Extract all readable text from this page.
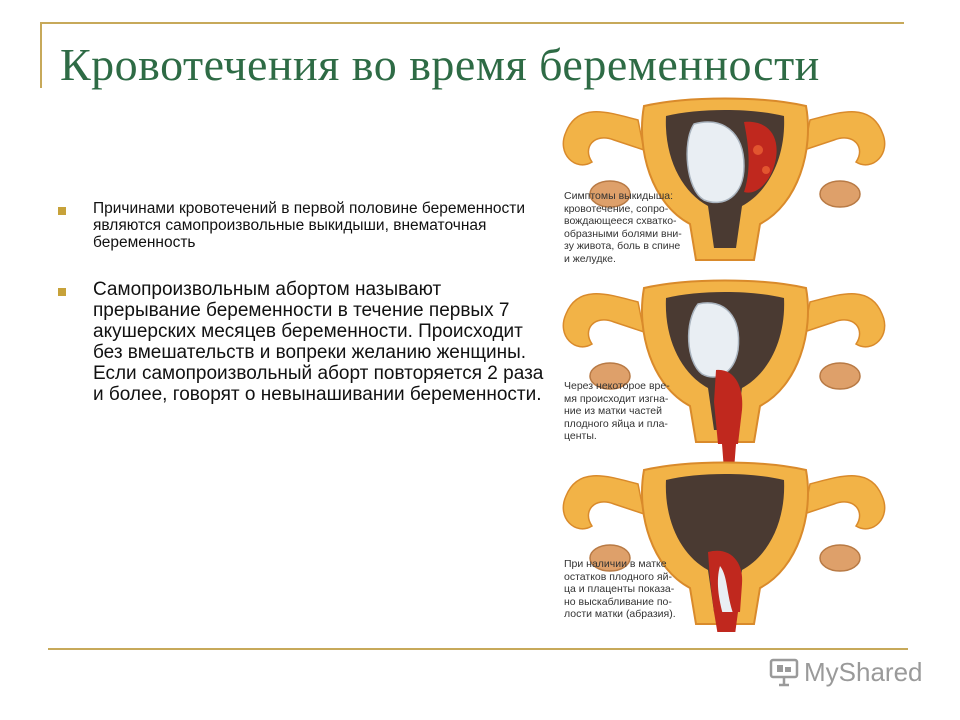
Кровотечения во время беременности
Причинами кровотечений в первой половине беременности являются самопроизвольные выкидыши, внематочная беременность
Самопроизвольным абортом называют прерывание беременности в течение первых 7 акушерских месяцев беременности. Происходит без вмешательств и вопреки желанию женщины. Если самопроизвольный аборт повторяется 2 раза и более, говорят о невынашивании беременности.
Симптомы выкидыша:
кровотечение, сопро-
вождающееся схватко-
образными болями вни-
зу живота, боль в спине
и желудке.
Через некоторое вре-
мя происходит изгна-
ние из матки частей
плодного яйца и пла-
центы.
При наличии в матке
остатков плодного яй-
ца и плаценты показа-
но выскабливание по-
лости матки (абразия).
MyShared
